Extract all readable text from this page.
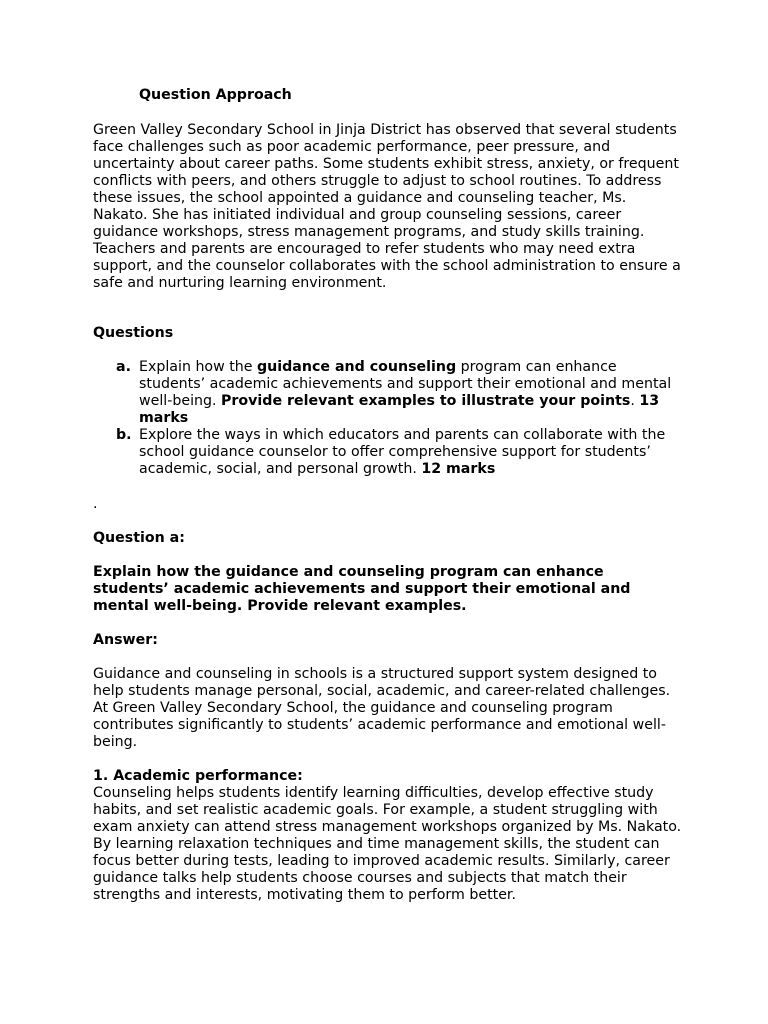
Question Approach

Green Valley Secondary School in Jinja District has observed that several students face challenges such as poor academic performance, peer pressure, and uncertainty about career paths. Some students exhibit stress, anxiety, or frequent conflicts with peers, and others struggle to adjust to school routines. To address these issues, the school appointed a guidance and counseling teacher, Ms. Nakato. She has initiated individual and group counseling sessions, career guidance workshops, stress management programs, and study skills training. Teachers and parents are encouraged to refer students who may need extra support, and the counselor collaborates with the school administration to ensure a safe and nurturing learning environment.

Questions

a. Explain how the guidance and counseling program can enhance students’ academic achievements and support their emotional and mental well-being. Provide relevant examples to illustrate your points. 13 marks
b. Explore the ways in which educators and parents can collaborate with the school guidance counselor to offer comprehensive support for students’ academic, social, and personal growth. 12 marks

.

Question a:

Explain how the guidance and counseling program can enhance students’ academic achievements and support their emotional and mental well-being. Provide relevant examples.

Answer:

Guidance and counseling in schools is a structured support system designed to help students manage personal, social, academic, and career-related challenges. At Green Valley Secondary School, the guidance and counseling program contributes significantly to students’ academic performance and emotional well-being.

1. Academic performance:

Counseling helps students identify learning difficulties, develop effective study habits, and set realistic academic goals. For example, a student struggling with exam anxiety can attend stress management workshops organized by Ms. Nakato. By learning relaxation techniques and time management skills, the student can focus better during tests, leading to improved academic results. Similarly, career guidance talks help students choose courses and subjects that match their strengths and interests, motivating them to perform better.
